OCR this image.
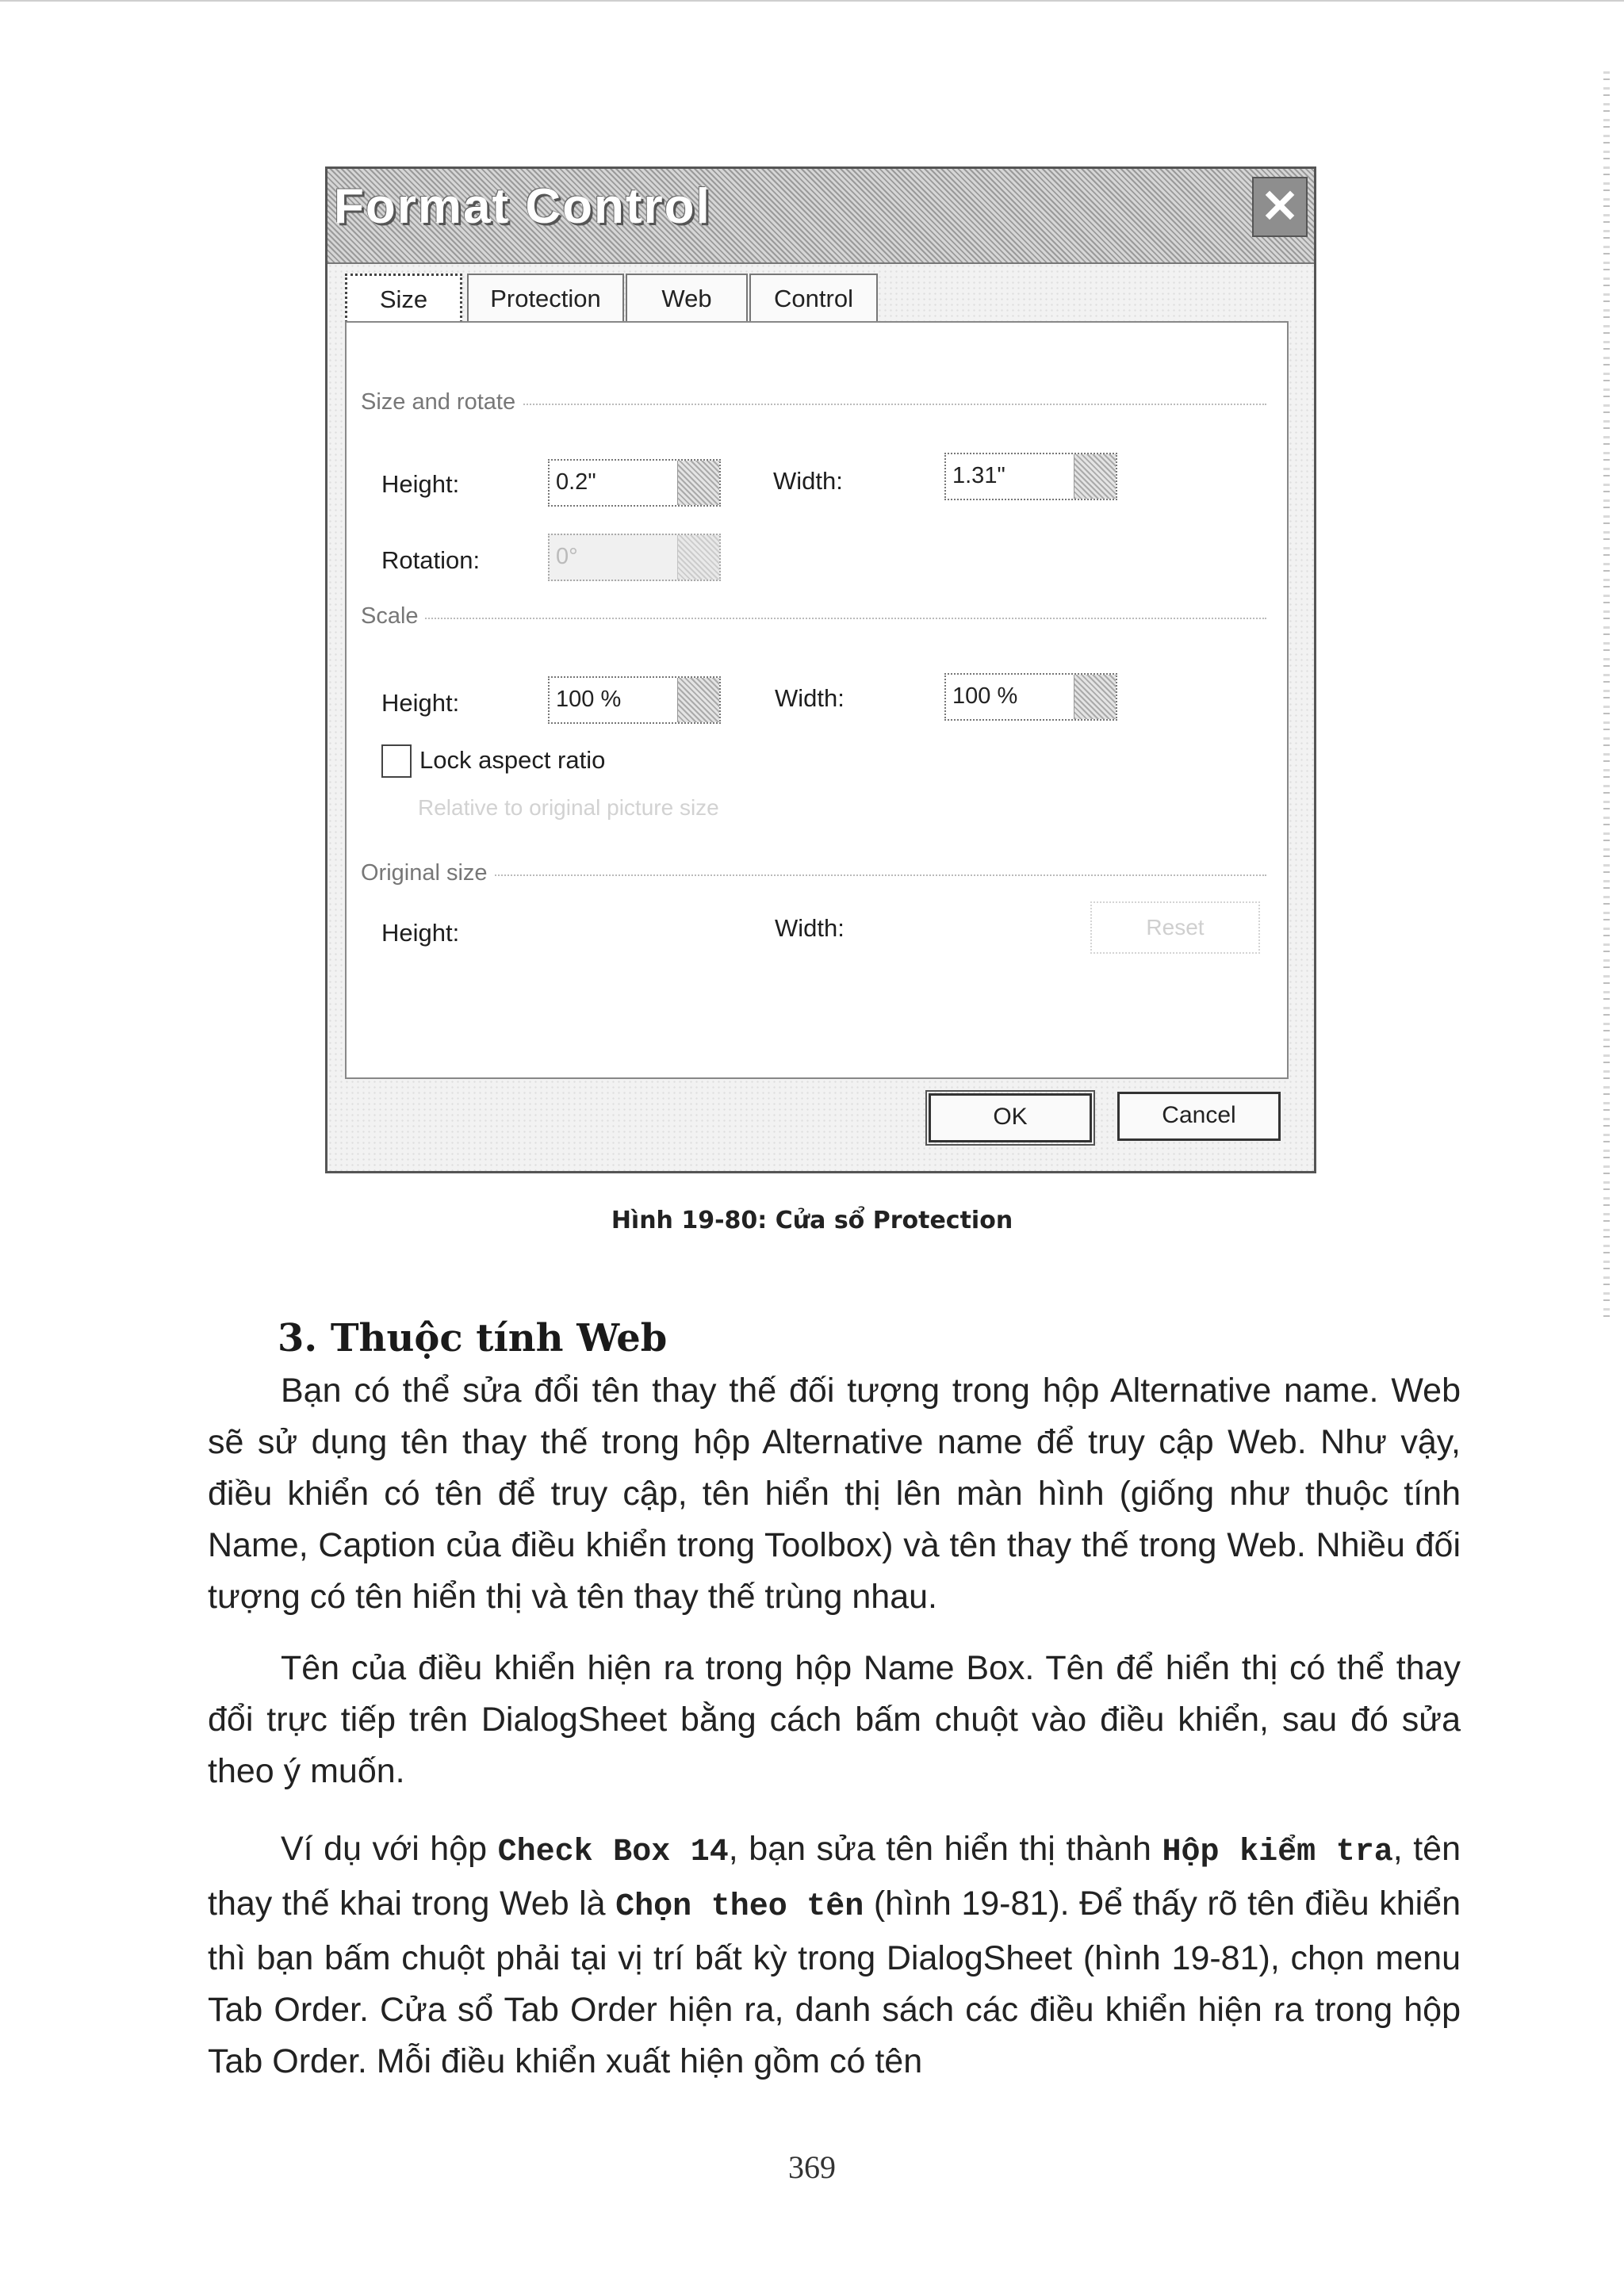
Format Control	✕
Size	Protection	Web	Control
Size and rotate
Height:	0.2"	Width:	1.31"
Rotation:	0°
Scale
Height:	100 %	Width:	100 %
Lock aspect ratio
Relative to original picture size
Original size
Height:	Width:	Reset
OK	Cancel
Hình 19-80: Cửa sổ Protection
3. Thuộc tính Web

Bạn có thể sửa đổi tên thay thế đối tượng trong hộp Alternative name. Web sẽ sử dụng tên thay thế trong hộp Alternative name để truy cập Web. Như vậy, điều khiển có tên để truy cập, tên hiển thị lên màn hình (giống như thuộc tính Name, Caption của điều khiển trong Toolbox) và tên thay thế trong Web. Nhiều đối tượng có tên hiển thị và tên thay thế trùng nhau.

Tên của điều khiển hiện ra trong hộp Name Box. Tên để hiển thị có thể thay đổi trực tiếp trên DialogSheet bằng cách bấm chuột vào điều khiển, sau đó sửa theo ý muốn.

Ví dụ với hộp Check Box 14, bạn sửa tên hiển thị thành Hộp kiểm tra, tên thay thế khai trong Web là Chọn theo tên (hình 19-81). Để thấy rõ tên điều khiển thì bạn bấm chuột phải tại vị trí bất kỳ trong DialogSheet (hình 19-81), chọn menu Tab Order. Cửa sổ Tab Order hiện ra, danh sách các điều khiển hiện ra trong hộp Tab Order. Mỗi điều khiển xuất hiện gồm có tên

369
